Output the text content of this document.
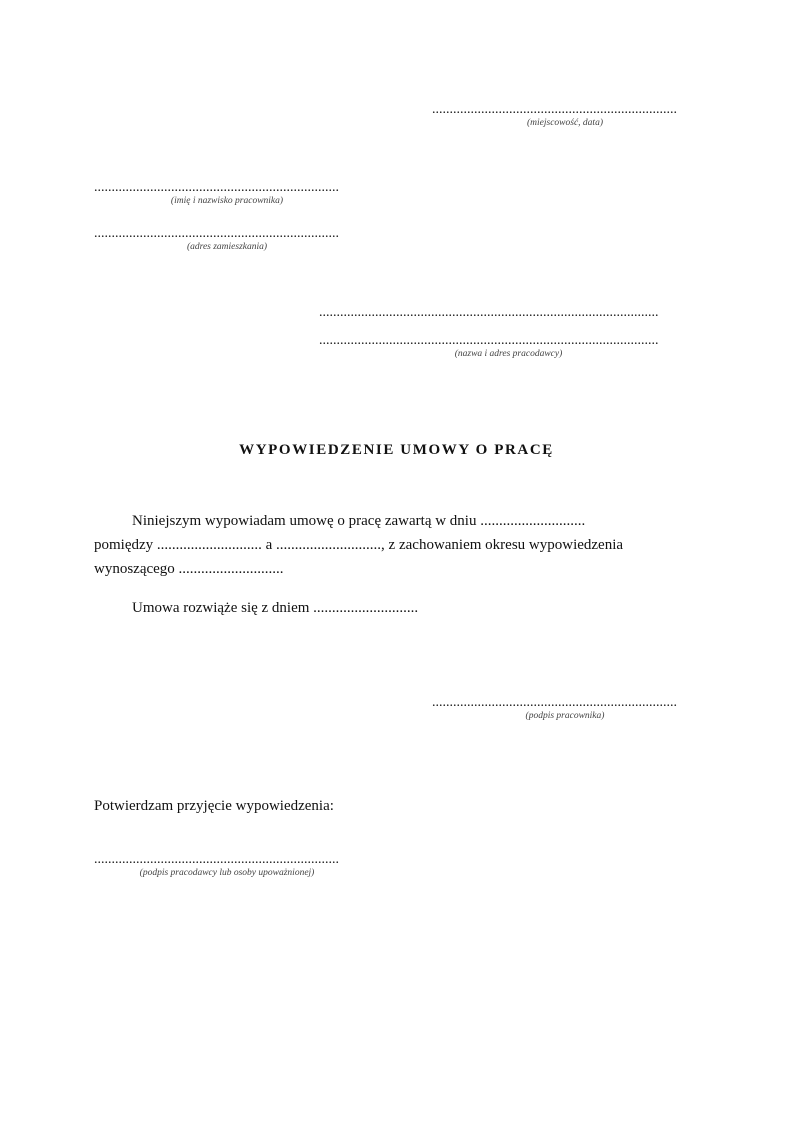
......................................................................
(miejscowość, data)
......................................................................
(imię i nazwisko pracownika)
......................................................................
(adres zamieszkania)
.................................................................................................
.................................................................................................
(nazwa i adres pracodawcy)
WYPOWIEDZENIE UMOWY O PRACĘ
Niniejszym wypowiadam umowę o pracę zawartą w dniu ............................
pomiędzy ............................ a ............................, z zachowaniem okresu wypowiedzenia
wynoszącego ............................
Umowa rozwiąże się z dniem ............................
......................................................................
(podpis pracownika)
Potwierdzam przyjęcie wypowiedzenia:
......................................................................
(podpis pracodawcy lub osoby upoważnionej)
